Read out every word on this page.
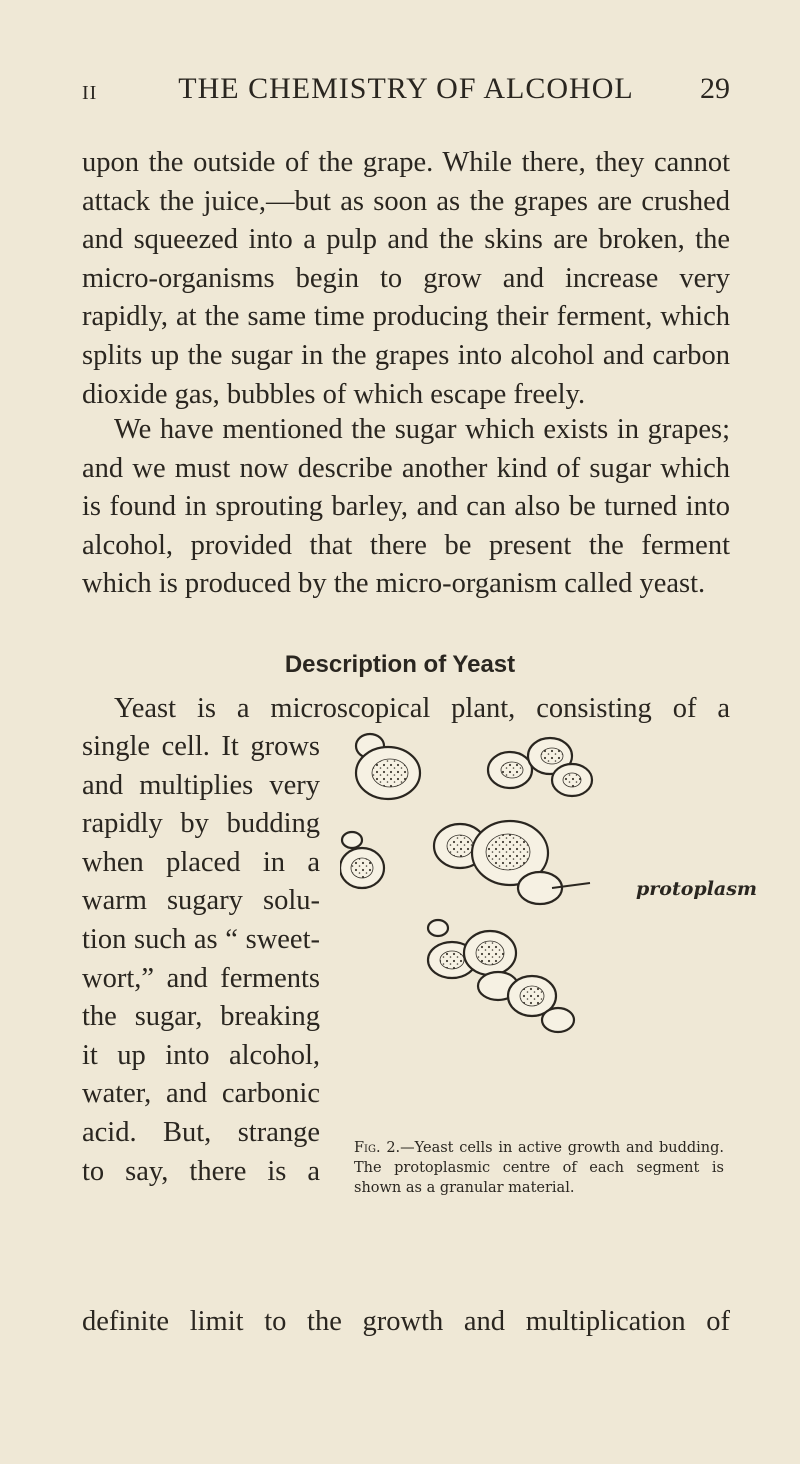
II	THE CHEMISTRY OF ALCOHOL	29

upon the outside of the grape. While there, they cannot attack the juice,—but as soon as the grapes are crushed and squeezed into a pulp and the skins are broken, the micro-organisms begin to grow and increase very rapidly, at the same time producing their ferment, which splits up the sugar in the grapes into alcohol and carbon dioxide gas, bubbles of which escape freely.

We have mentioned the sugar which exists in grapes; and we must now describe another kind of sugar which is found in sprouting barley, and can also be turned into alcohol, provided that there be present the ferment which is produced by the micro-organism called yeast.

Description of Yeast

Yeast is a microscopical plant, consisting of a

single cell. It grows
and multiplies very
rapidly by budding
when placed in a
warm sugary solu-
tion such as “ sweet-
wort,” and ferments
the sugar, breaking
it up into alcohol,
water, and carbonic
acid. But, strange
to say, there is a
protoplasm

Fig. 2.—Yeast cells in active growth and budding. The protoplasmic centre of each segment is shown as a granular material.

definite limit to the growth and multiplication of
